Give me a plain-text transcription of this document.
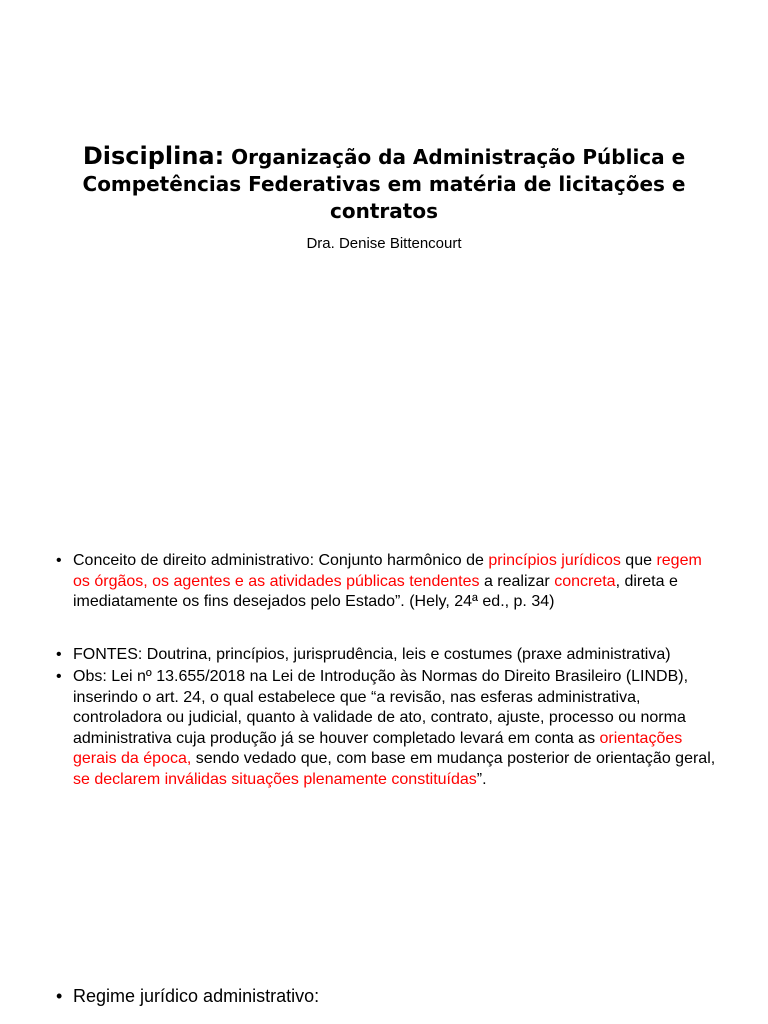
Disciplina: Organização da Administração Pública e Competências Federativas em matéria de licitações e contratos
Dra. Denise Bittencourt
• Conceito de direito administrativo: Conjunto harmônico de princípios jurídicos que regem os órgãos, os agentes e as atividades públicas tendentes a realizar concreta, direta e imediatamente os fins desejados pelo Estado”. (Hely, 24ª ed., p. 34)
• FONTES: Doutrina, princípios, jurisprudência, leis e costumes (praxe administrativa)
• Obs: Lei nº 13.655/2018 na Lei de Introdução às Normas do Direito Brasileiro (LINDB), inserindo o art. 24, o qual estabelece que “a revisão, nas esferas administrativa, controladora ou judicial, quanto à validade de ato, contrato, ajuste, processo ou norma administrativa cuja produção já se houver completado levará em conta as orientações gerais da época, sendo vedado que, com base em mudança posterior de orientação geral, se declarem inválidas situações plenamente constituídas”.
• Regime jurídico administrativo:
